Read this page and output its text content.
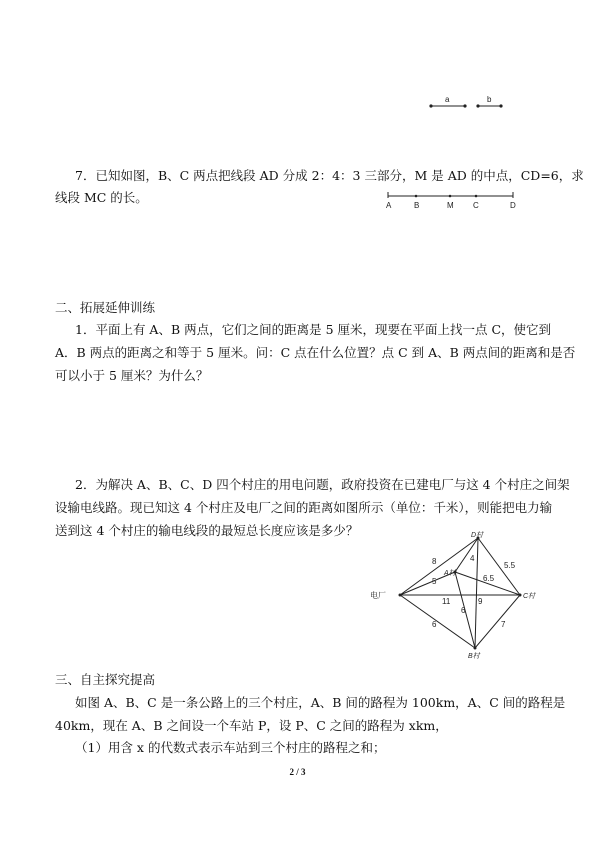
a	b
7．已知如图，B、C 两点把线段 AD 分成 2：4：3 三部分，M 是 AD 的中点，CD=6，求
线段 MC 的长。
A	B	M C	D
二、拓展延伸训练
1．平面上有 A、B 两点，它们之间的距离是 5 厘米，现要在平面上找一点 C，使它到
A．B 两点的距离之和等于 5 厘米。问：C 点在什么位置？点 C 到 A、B 两点间的距离和是否
可以小于 5 厘米？为什么？
2．为解决 A、B、C、D 四个村庄的用电问题，政府投资在已建电厂与这 4 个村庄之间架
设输电线路。现已知这 4 个村庄及电厂之间的距离如图所示（单位：千米），则能把电力输
送到这 4 个村庄的输电线段的最短总长度应该是多少？
电厂
D村
A村
C村
B村
8	5.5
5
4
6.5
11	9
6
6	7
三、自主探究提高
如图 A、B、C 是一条公路上的三个村庄，A、B 间的路程为 100km，A、C 间的路程是
40km，现在 A、B 之间设一个车站 P，设 P、C 之间的路程为 xkm，
（1）用含 x 的代数式表示车站到三个村庄的路程之和；
2 / 3
